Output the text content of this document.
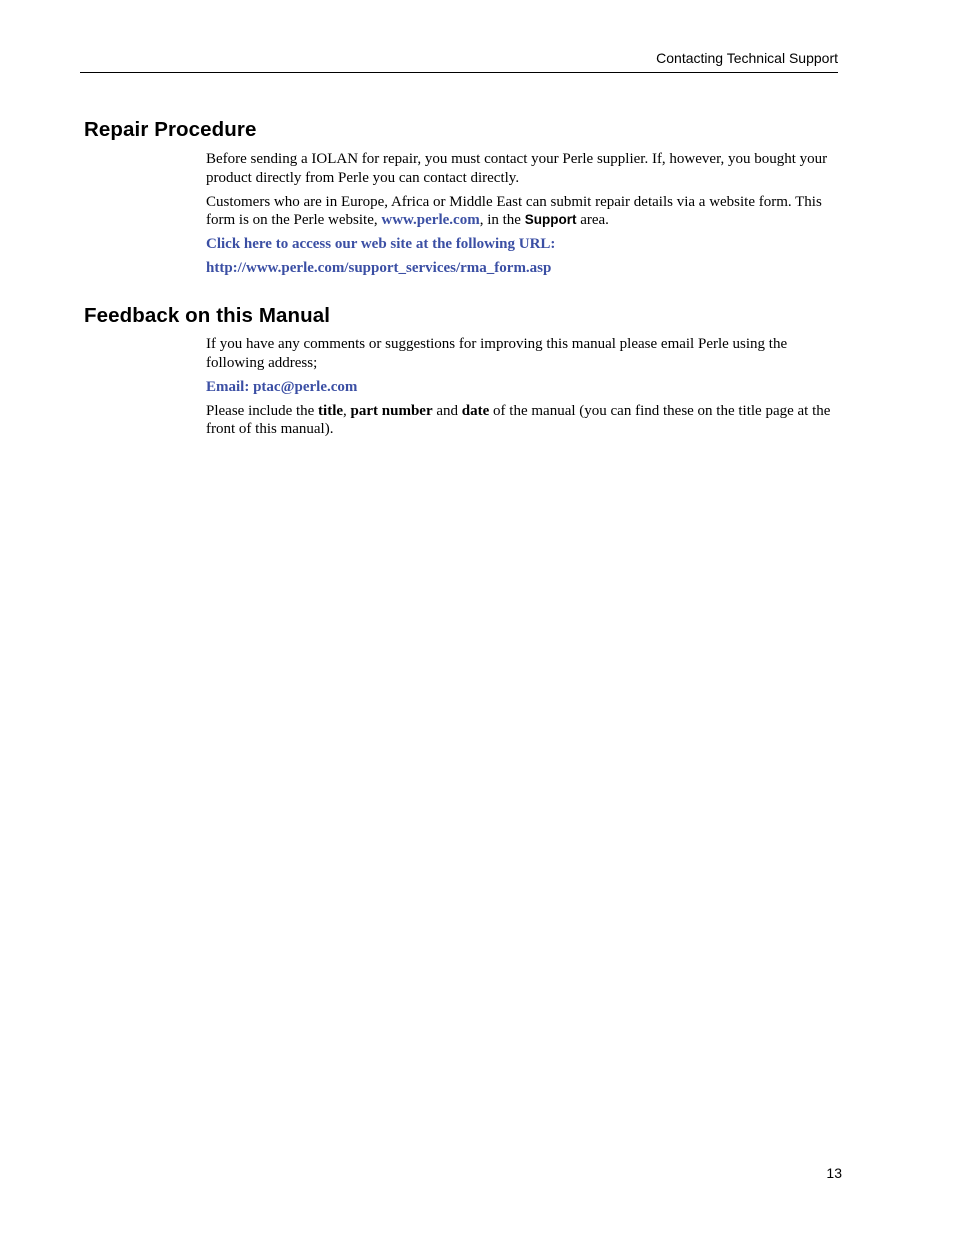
Contacting Technical Support
Repair Procedure

Before sending a IOLAN for repair, you must contact your Perle supplier. If, however, you bought your product directly from Perle you can contact directly.

Customers who are in Europe, Africa or Middle East can submit repair details via a website form. This form is on the Perle website, www.perle.com, in the Support area.

Click here to access our web site at the following URL:

http://www.perle.com/support_services/rma_form.asp

Feedback on this Manual

If you have any comments or suggestions for improving this manual please email Perle using the following address;

Email: ptac@perle.com

Please include the title, part number and date of the manual (you can find these on the title page at the front of this manual).

13
